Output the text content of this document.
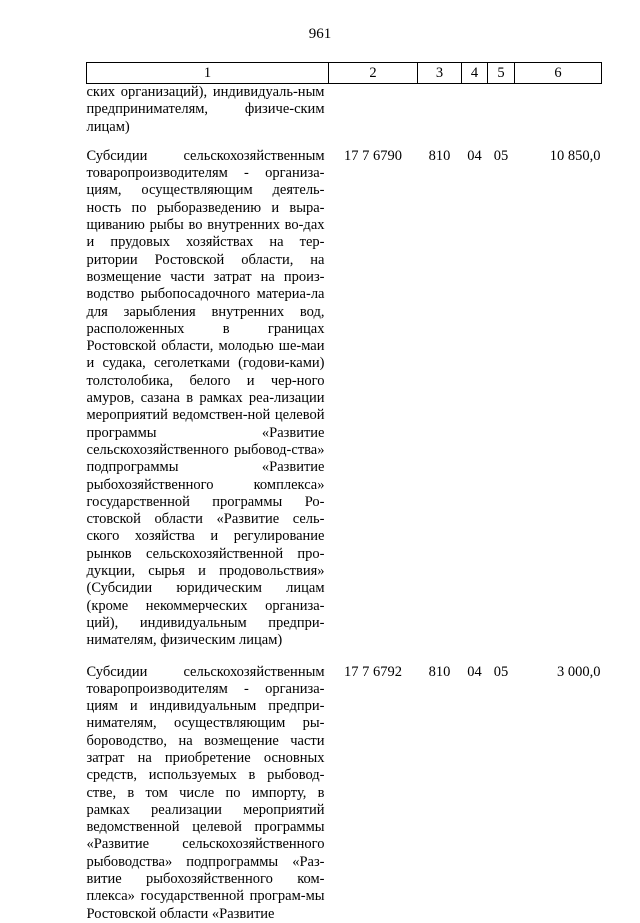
961
1	2	3	4	5	6
ских организаций), индивидуаль-ным предпринимателям, физиче-ским лицам)					
Субсидии сельскохозяйственным товаропроизводителям - организа-циям, осуществляющим деятель-ность по рыборазведению и выра-щиванию рыбы во внутренних во-дах и прудовых хозяйствах на тер-ритории Ростовской области, на возмещение части затрат на произ-водство рыбопосадочного материа-ла для зарыбления внутренних вод, расположенных в границах Ростовской области, молодью ше-маи и судака, сеголетками (годови-ками) толстолобика, белого и чер-ного амуров, сазана в рамках реа-лизации мероприятий ведомствен-ной целевой программы «Развитие сельскохозяйственного рыбовод-ства» подпрограммы «Развитие рыбохозяйственного комплекса» государственной программы Ро-стовской области «Развитие сель-ского хозяйства и регулирование рынков сельскохозяйственной про-дукции, сырья и продовольствия» (Субсидии юридическим лицам (кроме некоммерческих организа-ций), индивидуальным предпри-нимателям, физическим лицам)	17 7 6790	810	04	05	10 850,0
Субсидии сельскохозяйственным товаропроизводителям - организа-циям и индивидуальным предпри-нимателям, осуществляющим ры-бороводство, на возмещение части затрат на приобретение основных средств, используемых в рыбовод-стве, в том числе по импорту, в рамках реализации мероприятий ведомственной целевой программы «Развитие сельскохозяйственного рыбоводства» подпрограммы «Раз-витие рыбохозяйственного ком-плекса» государственной програм-мы Ростовской области «Развитие	17 7 6792	810	04	05	3 000,0
